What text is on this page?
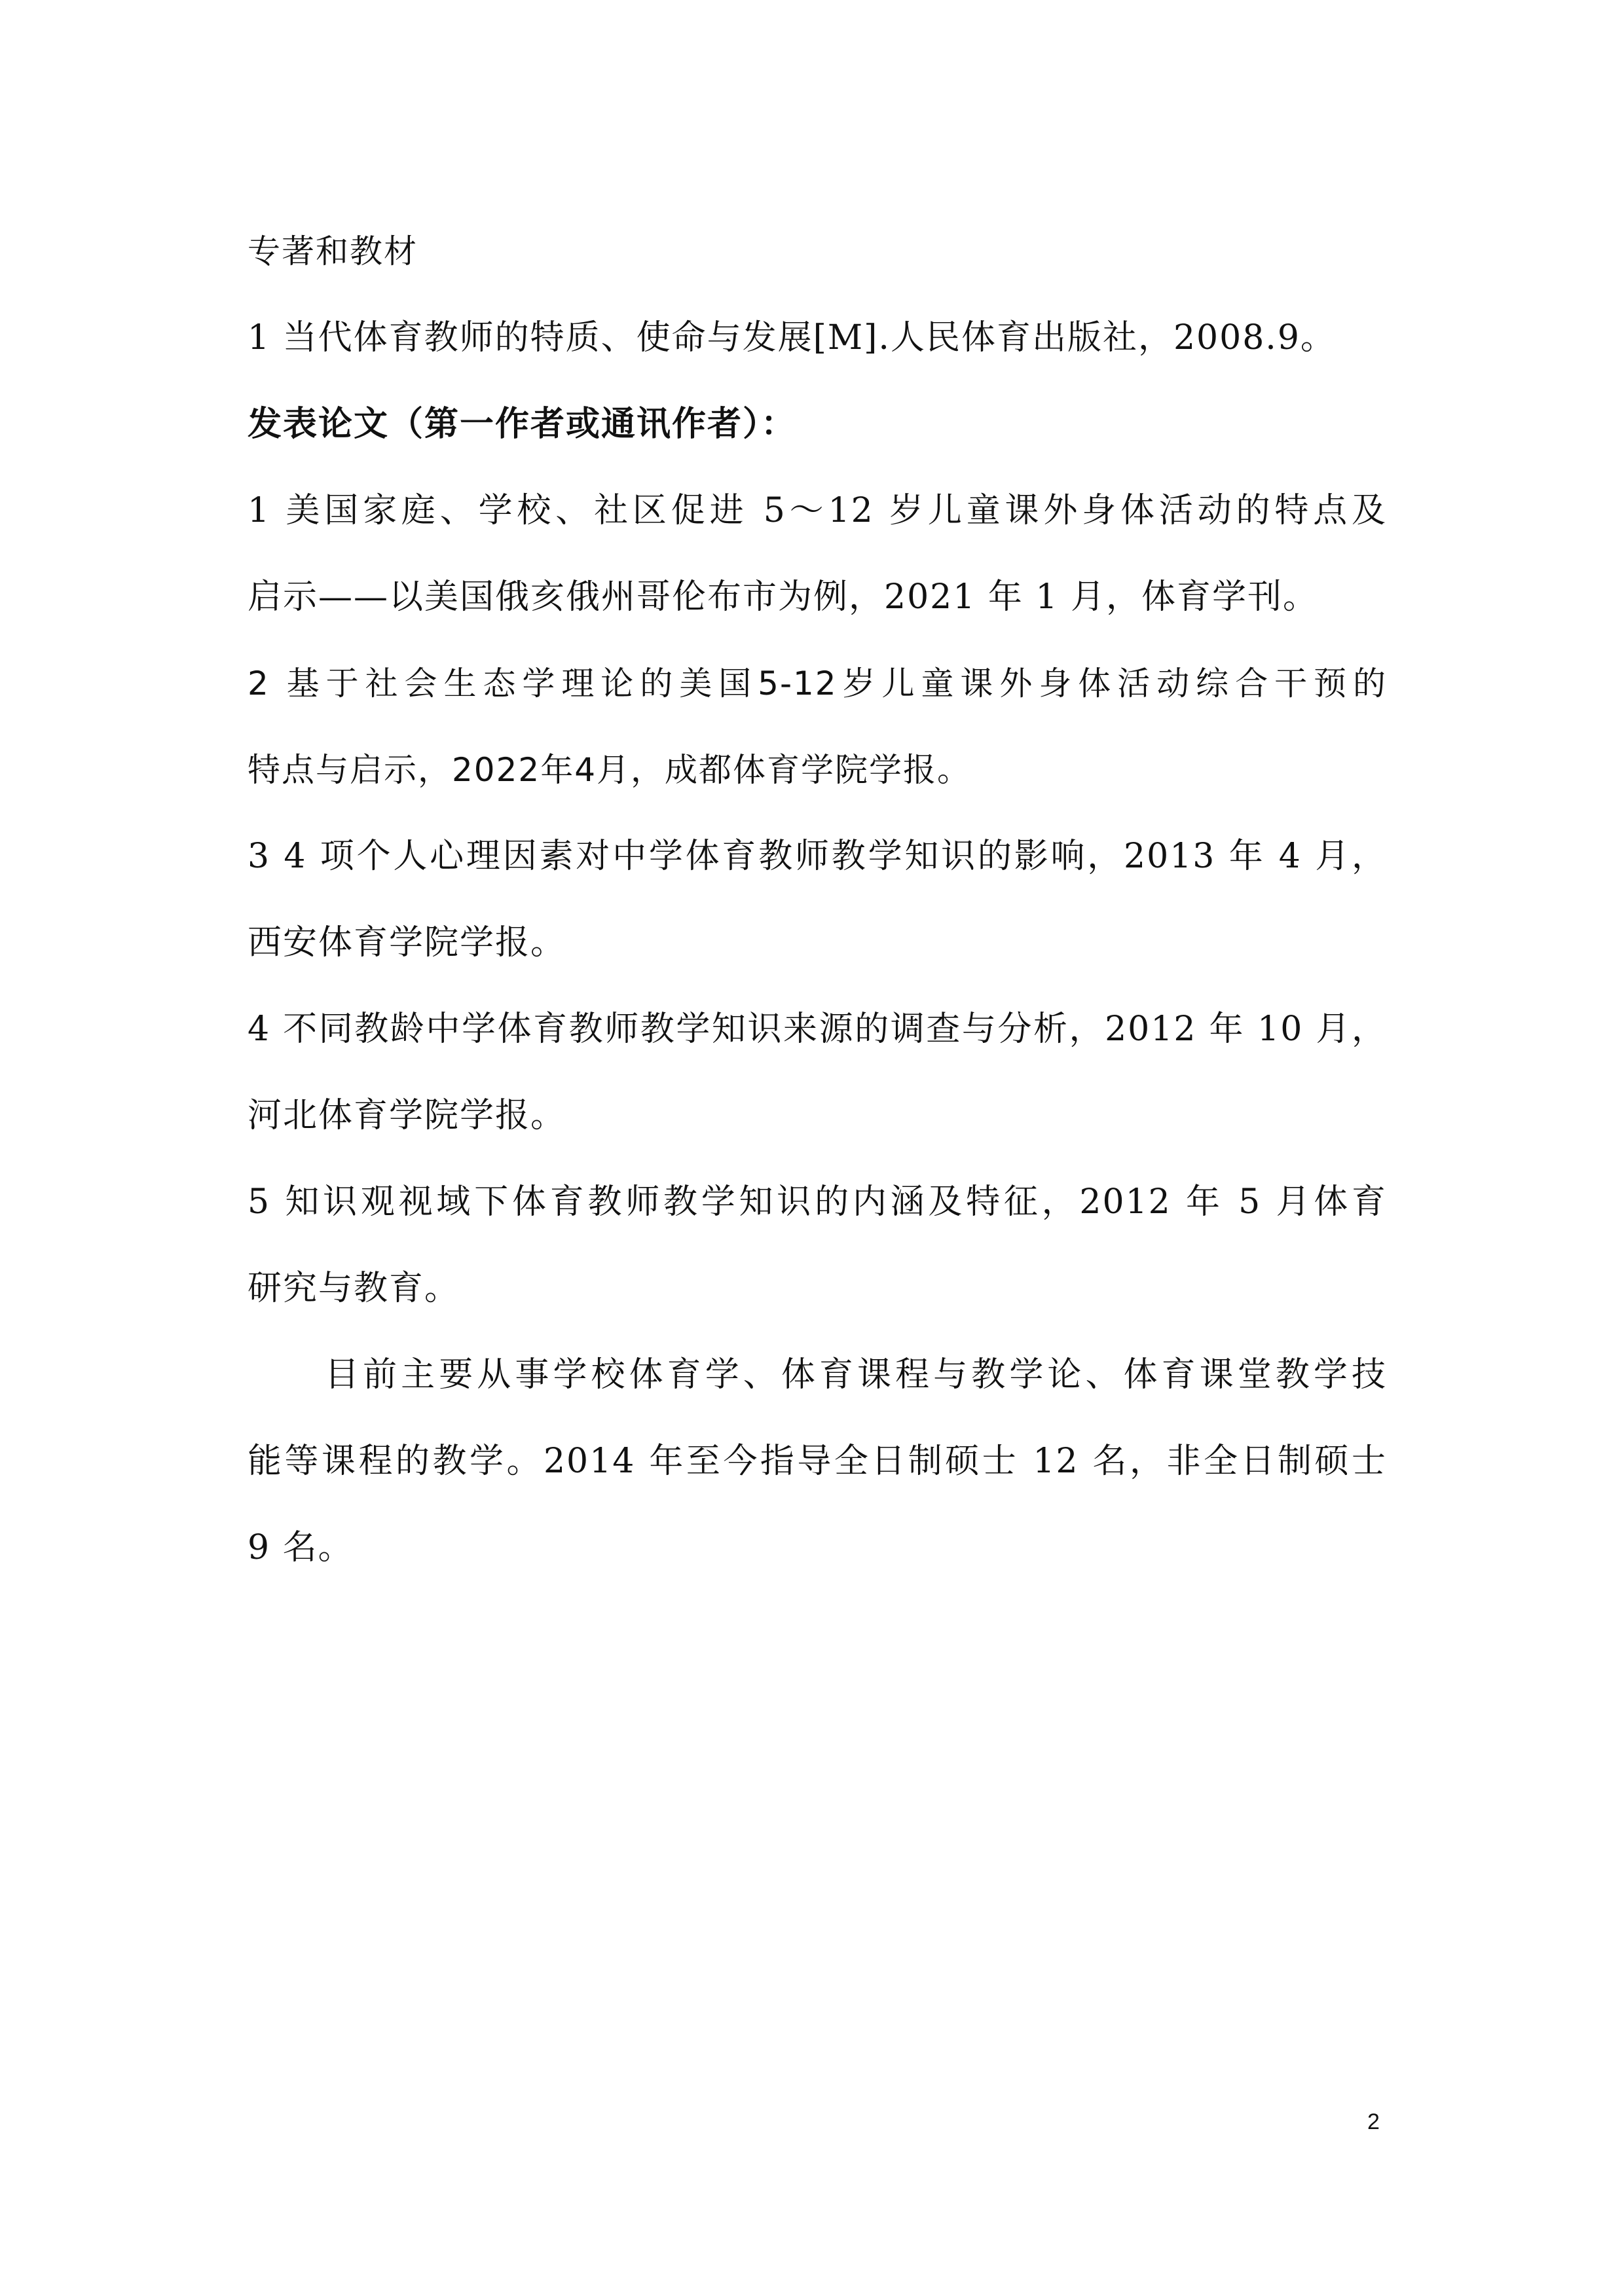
专著和教材
1 当代体育教师的特质、使命与发展[M].人民体育出版社，2008.9。
发表论文（第一作者或通讯作者）：
1 美国家庭、学校、社区促进 5～12 岁儿童课外身体活动的特点及
启示——以美国俄亥俄州哥伦布市为例，2021 年 1 月，体育学刊。
2 基于社会生态学理论的美国5-12岁儿童课外身体活动综合干预的
特点与启示，2022年4月，成都体育学院学报。
3 4 项个人心理因素对中学体育教师教学知识的影响，2013 年 4 月，
西安体育学院学报。
4 不同教龄中学体育教师教学知识来源的调查与分析，2012 年 10 月，
河北体育学院学报。
5 知识观视域下体育教师教学知识的内涵及特征，2012 年 5 月体育
研究与教育。
目前主要从事学校体育学、体育课程与教学论、体育课堂教学技
能等课程的教学。2014 年至今指导全日制硕士 12 名，非全日制硕士
9 名。
2
